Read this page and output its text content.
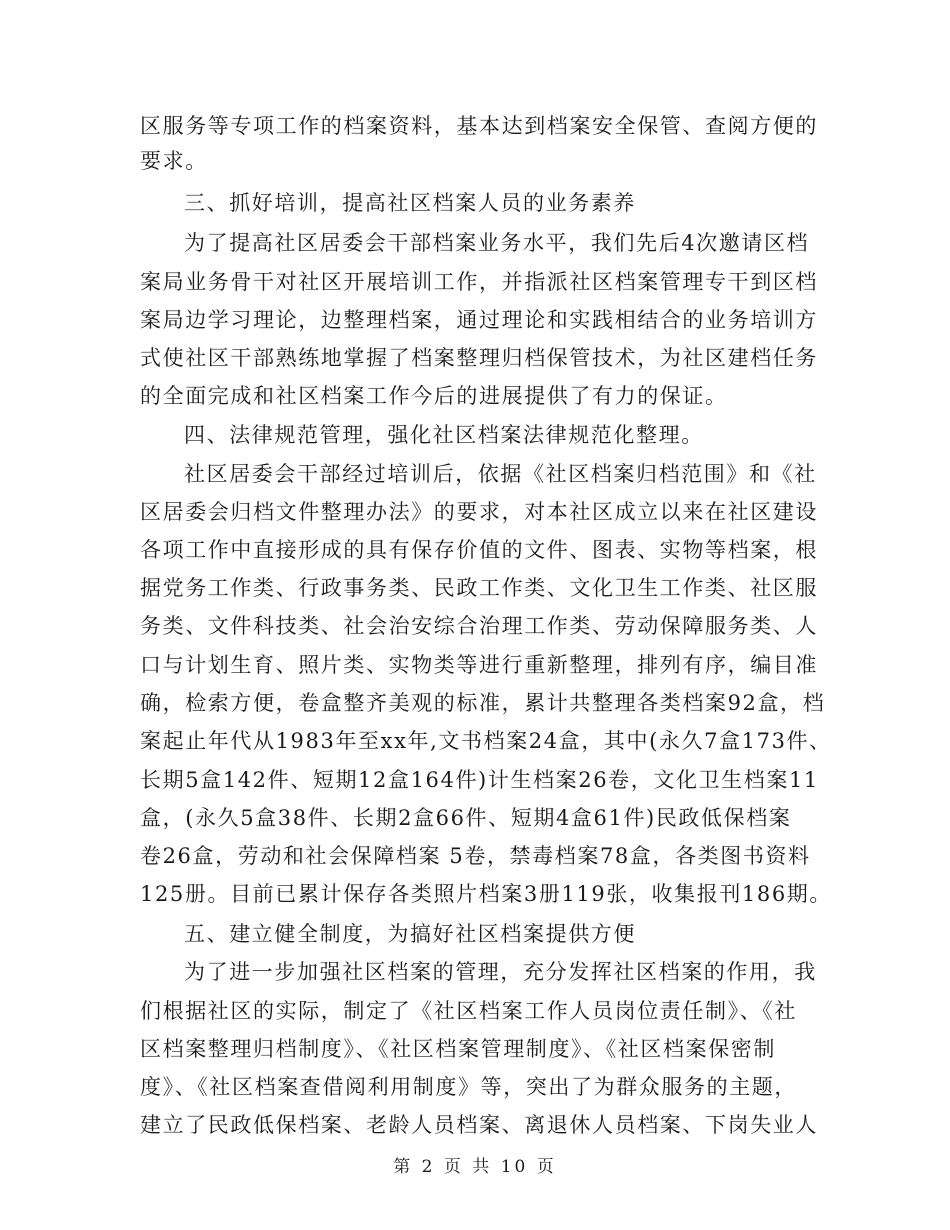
区服务等专项工作的档案资料，基本达到档案安全保管、查阅方便的
要求。
三、抓好培训，提高社区档案人员的业务素养
为了提高社区居委会干部档案业务水平，我们先后4次邀请区档
案局业务骨干对社区开展培训工作，并指派社区档案管理专干到区档
案局边学习理论，边整理档案，通过理论和实践相结合的业务培训方
式使社区干部熟练地掌握了档案整理归档保管技术，为社区建档任务
的全面完成和社区档案工作今后的进展提供了有力的保证。
四、法律规范管理，强化社区档案法律规范化整理。
社区居委会干部经过培训后，依据《社区档案归档范围》和《社
区居委会归档文件整理办法》的要求，对本社区成立以来在社区建设
各项工作中直接形成的具有保存价值的文件、图表、实物等档案，根
据党务工作类、行政事务类、民政工作类、文化卫生工作类、社区服
务类、文件科技类、社会治安综合治理工作类、劳动保障服务类、人
口与计划生育、照片类、实物类等进行重新整理，排列有序，编目准
确，检索方便，卷盒整齐美观的标准，累计共整理各类档案92盒，档
案起止年代从1983年至xx年,文书档案24盒，其中(永久7盒173件、
长期5盒142件、短期12盒164件)计生档案26卷，文化卫生档案11
盒，(永久5盒38件、长期2盒66件、短期4盒61件)民政低保档案
卷26盒，劳动和社会保障档案 5卷，禁毒档案78盒，各类图书资料
125册。目前已累计保存各类照片档案3册119张，收集报刊186期。
五、建立健全制度，为搞好社区档案提供方便
为了进一步加强社区档案的管理，充分发挥社区档案的作用，我
们根据社区的实际，制定了《社区档案工作人员岗位责任制》、《社
区档案整理归档制度》、《社区档案管理制度》、《社区档案保密制
度》、《社区档案查借阅利用制度》等，突出了为群众服务的主题，
建立了民政低保档案、老龄人员档案、离退休人员档案、下岗失业人
第 2 页 共 10 页
